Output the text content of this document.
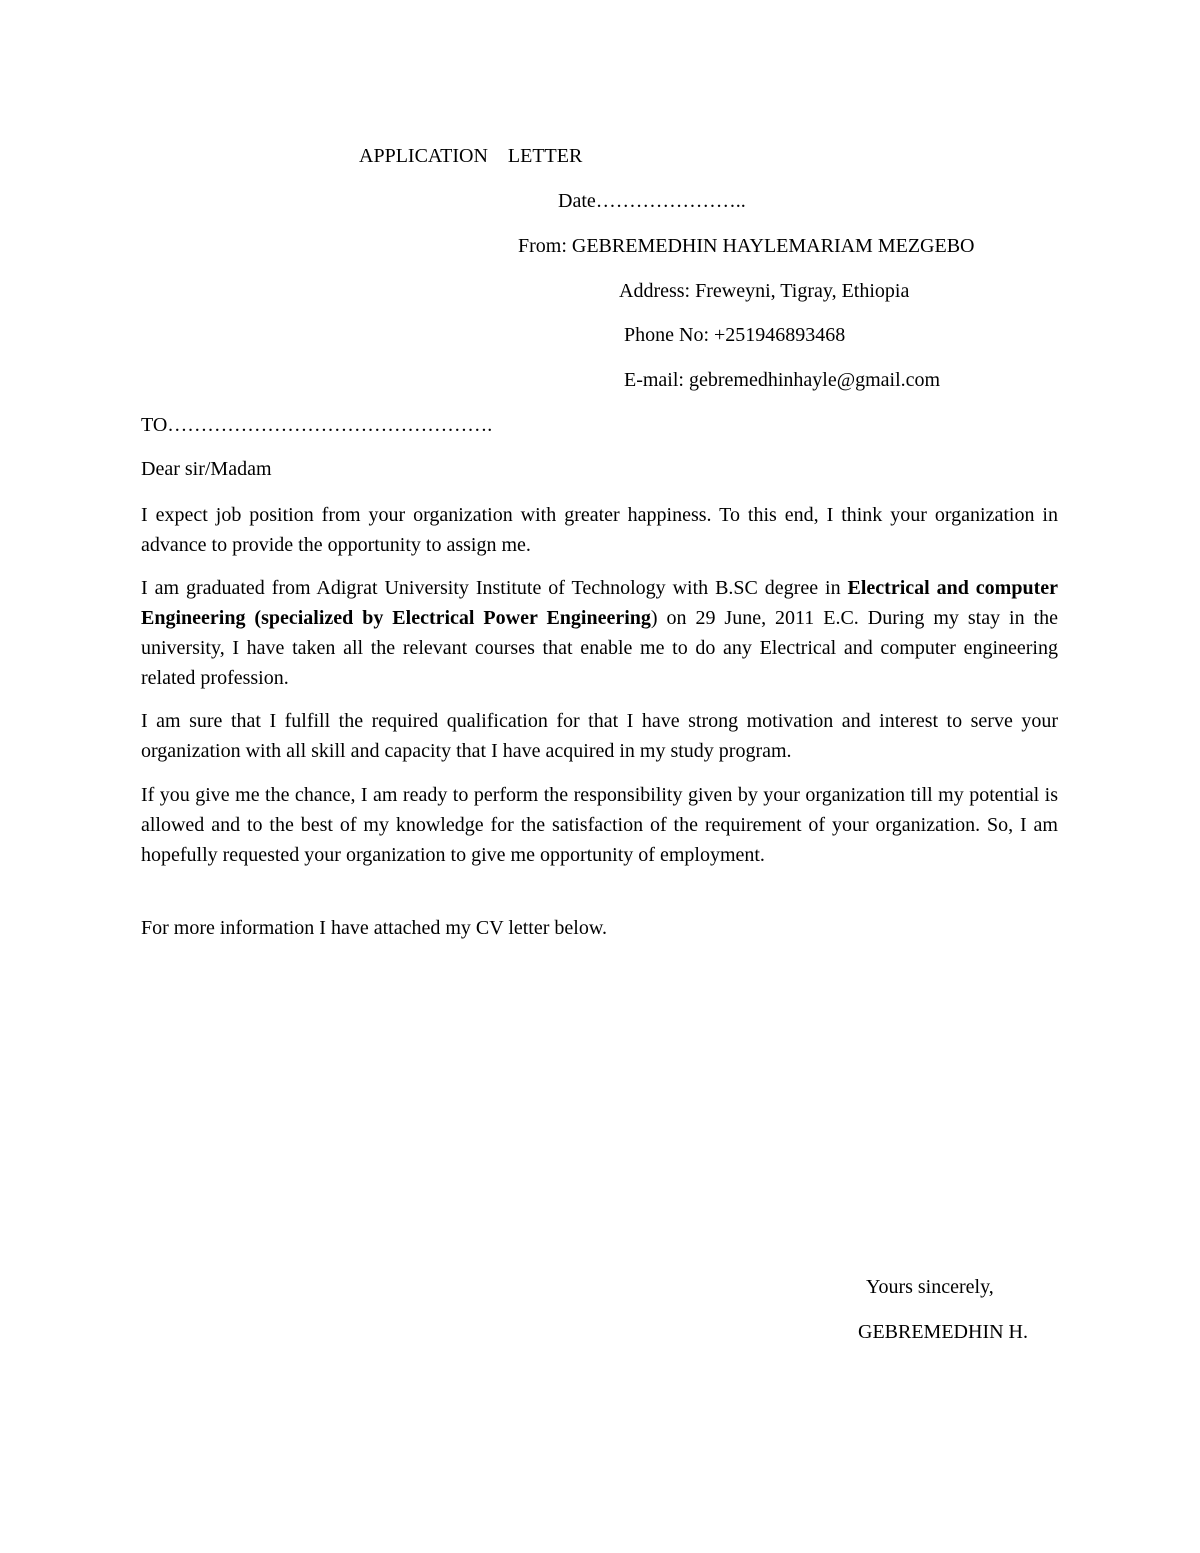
APPLICATION    LETTER
Date…………………..
From: GEBREMEDHIN HAYLEMARIAM MEZGEBO
Address: Freweyni, Tigray, Ethiopia
Phone No: +251946893468
E-mail: gebremedhinhayle@gmail.com
TO………………………………………….
Dear sir/Madam

I expect job position from your organization with greater happiness. To this end, I think your organization in advance to provide the opportunity to assign me.

I am graduated from Adigrat University Institute of Technology with B.SC degree in Electrical and computer Engineering (specialized by Electrical Power Engineering) on 29 June, 2011 E.C. During my stay in the university, I have taken all the relevant courses that enable me to do any Electrical and computer engineering related profession.

I am sure that I fulfill the required qualification for that I have strong motivation and interest to serve your organization with all skill and capacity that I have acquired in my study program.

If you give me the chance, I am ready to perform the responsibility given by your organization till my potential is allowed and to the best of my knowledge for the satisfaction of the requirement of your organization. So, I am hopefully requested your organization to give me opportunity of employment.

For more information I have attached my CV letter below.

Yours sincerely,
GEBREMEDHIN H.
